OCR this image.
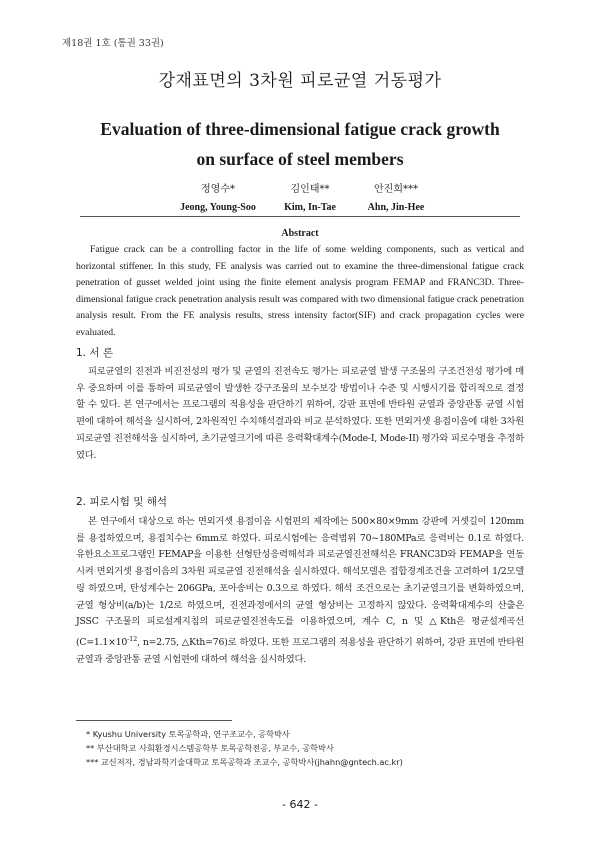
제18권 1호 (통권 33권)
강재표면의 3차원 피로균열 거동평가
Evaluation of three-dimensional fatigue crack growth
on surface of steel members
정영수*
Jeong, Young-Soo
김인태**
Kim, In-Tae
안진희***
Ahn, Jin-Hee
Abstract
Fatigue crack can be a controlling factor in the life of some welding components, such as vertical and horizontal stiffener. In this study, FE analysis was carried out to examine the three-dimensional fatigue crack penetration of gusset welded joint using the finite element analysis program FEMAP and FRANC3D. Three-dimensional fatigue crack penetration analysis result was compared with two dimensional fatigue crack penetration analysis result. From the FE analysis results, stress intensity factor(SIF) and crack propagation cycles were evaluated.
1. 서 론
피로균열의 진전과 비진전성의 평가 및 균열의 진전속도 평가는 피로균열 발생 구조물의 구조건전성 평가에 매우 중요하며 이를 통하여 피로균열이 발생한 강구조물의 보수보강 방법이나 수준 및 시행시기를 합리적으로 결정할 수 있다. 본 연구에서는 프로그램의 적용성을 판단하기 위하여, 강판 표면에 반타원 균열과 중앙관통 균열 시험편에 대하여 해석을 실시하여, 2차원적인 수치해석결과와 비교 분석하였다. 또한 면외거셋 용접이음에 대한 3차원 피로균열 진전해석을 실시하여, 초기균열크기에 따른 응력확대계수(Mode-I, Mode-II) 평가와 피로수명을 추정하였다.
2. 피로시험 및 해석
본 연구에서 대상으로 하는 면외거셋 용접이음 시험편의 제작에는 500×80×9mm 강판에 거셋길이 120mm를 용접하였으며, 용접치수는 6mm로 하였다. 피로시험에는 응력범위 70~180MPa로 응력비는 0.1로 하였다. 유한요소프로그램인 FEMAP을 이용한 선형탄성응력해석과 피로균열진전해석은 FRANC3D와 FEMAP을 연동시켜 면외거셋 용접이음의 3차원 피로균열 진전해석을 실시하였다. 해석모델은 접합경계조건을 고려하여 1/2모델링 하였으며, 탄성계수는 206GPa, 포아송비는 0.3으로 하였다. 해석 조건으로는 초기균열크기를 변화하였으며, 균열 형상비(a/b)는 1/2로 하였으며, 진전과정에서의 균열 형상비는 고정하지 않았다. 응력확대계수의 산출은 JSSC 구조물의 피로설계지침의 피로균열진전속도를 이용하였으며, 계수 C, n 및 △Kth은 평균설계곡선($C=1.1\times 10^{-12}$, n=2.75, △Kth=76)로 하였다. 또한 프로그램의 적용성을 판단하기 위하여, 강판 표면에 반타원 균열과 중앙관통 균열 시험편에 대하여 해석을 실시하였다.
* Kyushu University 토목공학과, 연구조교수, 공학박사
** 부산대학교 사회환경시스템공학부 토목공학전공, 부교수, 공학박사
*** 교신저자, 경남과학기술대학교 토목공학과 조교수, 공학박사(jhahn@gntech.ac.kr)
- 642 -
